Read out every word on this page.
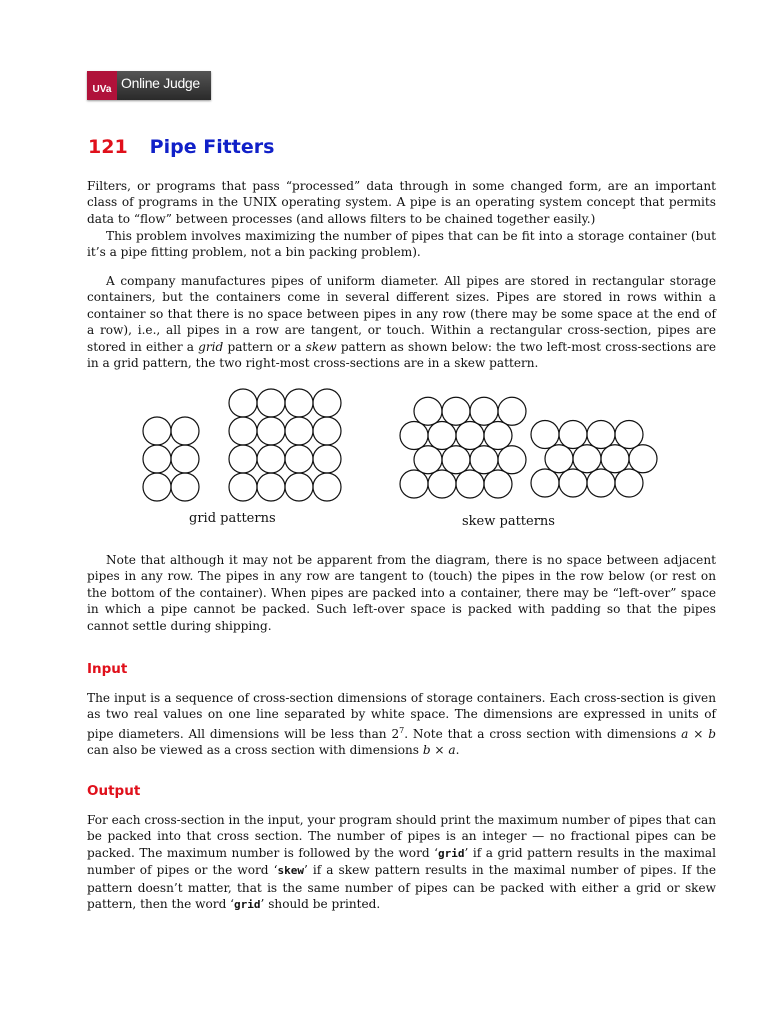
UVa Online Judge
121 Pipe Fitters

Filters, or programs that pass “processed” data through in some changed form, are an important class of programs in the UNIX operating system. A pipe is an operating system concept that permits data to “flow” between processes (and allows filters to be chained together easily.)

This problem involves maximizing the number of pipes that can be fit into a storage container (but it’s a pipe fitting problem, not a bin packing problem).

A company manufactures pipes of uniform diameter. All pipes are stored in rectangular storage containers, but the containers come in several different sizes. Pipes are stored in rows within a container so that there is no space between pipes in any row (there may be some space at the end of a row), i.e., all pipes in a row are tangent, or touch. Within a rectangular cross-section, pipes are stored in either a grid pattern or a skew pattern as shown below: the two left-most cross-sections are in a grid pattern, the two right-most cross-sections are in a skew pattern.

grid patterns	skew patterns

Note that although it may not be apparent from the diagram, there is no space between adjacent pipes in any row. The pipes in any row are tangent to (touch) the pipes in the row below (or rest on the bottom of the container). When pipes are packed into a container, there may be “left-over” space in which a pipe cannot be packed. Such left-over space is packed with padding so that the pipes cannot settle during shipping.

Input

The input is a sequence of cross-section dimensions of storage containers. Each cross-section is given as two real values on one line separated by white space. The dimensions are expressed in units of pipe diameters. All dimensions will be less than $2^7$. Note that a cross section with dimensions a × b can also be viewed as a cross section with dimensions b × a.

Output

For each cross-section in the input, your program should print the maximum number of pipes that can be packed into that cross section. The number of pipes is an integer — no fractional pipes can be packed. The maximum number is followed by the word ‘grid’ if a grid pattern results in the maximal number of pipes or the word ‘skew’ if a skew pattern results in the maximal number of pipes. If the pattern doesn’t matter, that is the same number of pipes can be packed with either a grid or skew pattern, then the word ‘grid’ should be printed.
